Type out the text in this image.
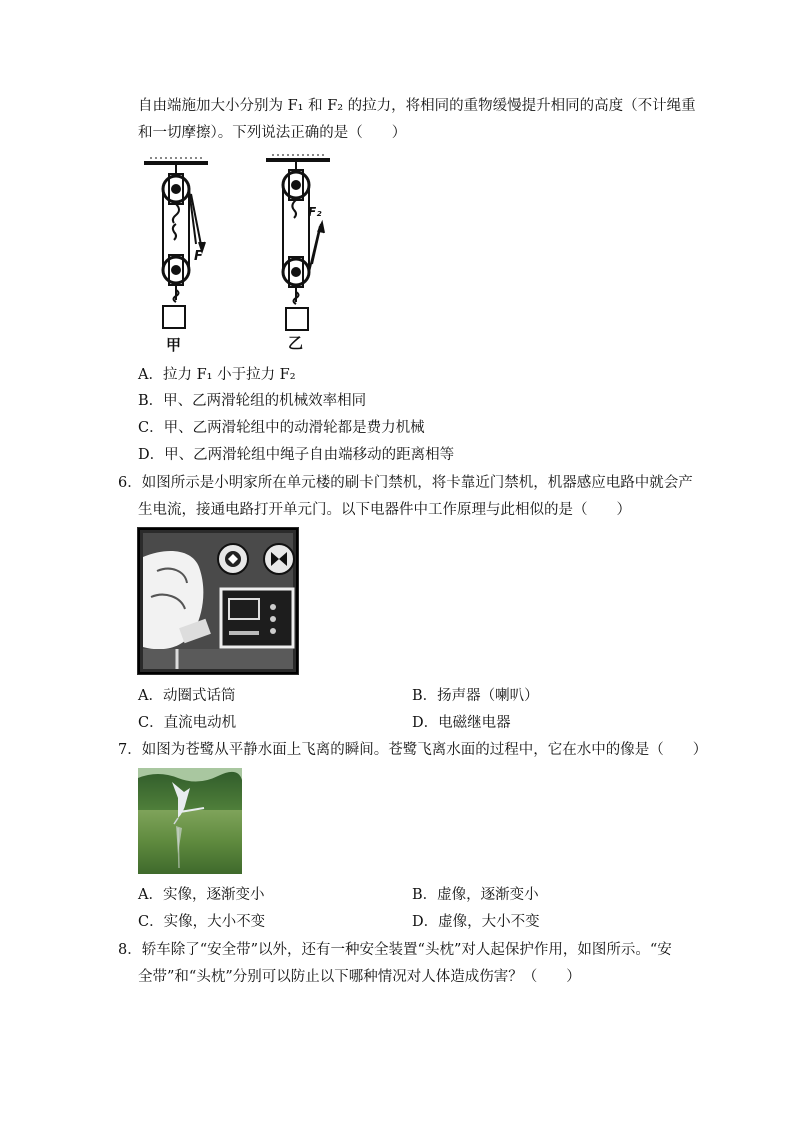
自由端施加大小分别为 F₁ 和 F₂ 的拉力，将相同的重物缓慢提升相同的高度（不计绳重
和一切摩擦）。下列说法正确的是（　　）
F
F₂
甲	乙
A．拉力 F₁ 小于拉力 F₂
B．甲、乙两滑轮组的机械效率相同
C．甲、乙两滑轮组中的动滑轮都是费力机械
D．甲、乙两滑轮组中绳子自由端移动的距离相等
6．如图所示是小明家所在单元楼的刷卡门禁机，将卡靠近门禁机，机器感应电路中就会产
生电流，接通电路打开单元门。以下电器件中工作原理与此相似的是（　　）
A．动圈式话筒	B．扬声器（喇叭）
C．直流电动机	D．电磁继电器
7．如图为苍鹭从平静水面上飞离的瞬间。苍鹭飞离水面的过程中，它在水中的像是（　　）
A．实像，逐渐变小	B．虚像，逐渐变小
C．实像，大小不变	D．虚像，大小不变
8．轿车除了“安全带”以外，还有一种安全装置“头枕”对人起保护作用，如图所示。“安
全带”和“头枕”分别可以防止以下哪种情况对人体造成伤害？（　　）
